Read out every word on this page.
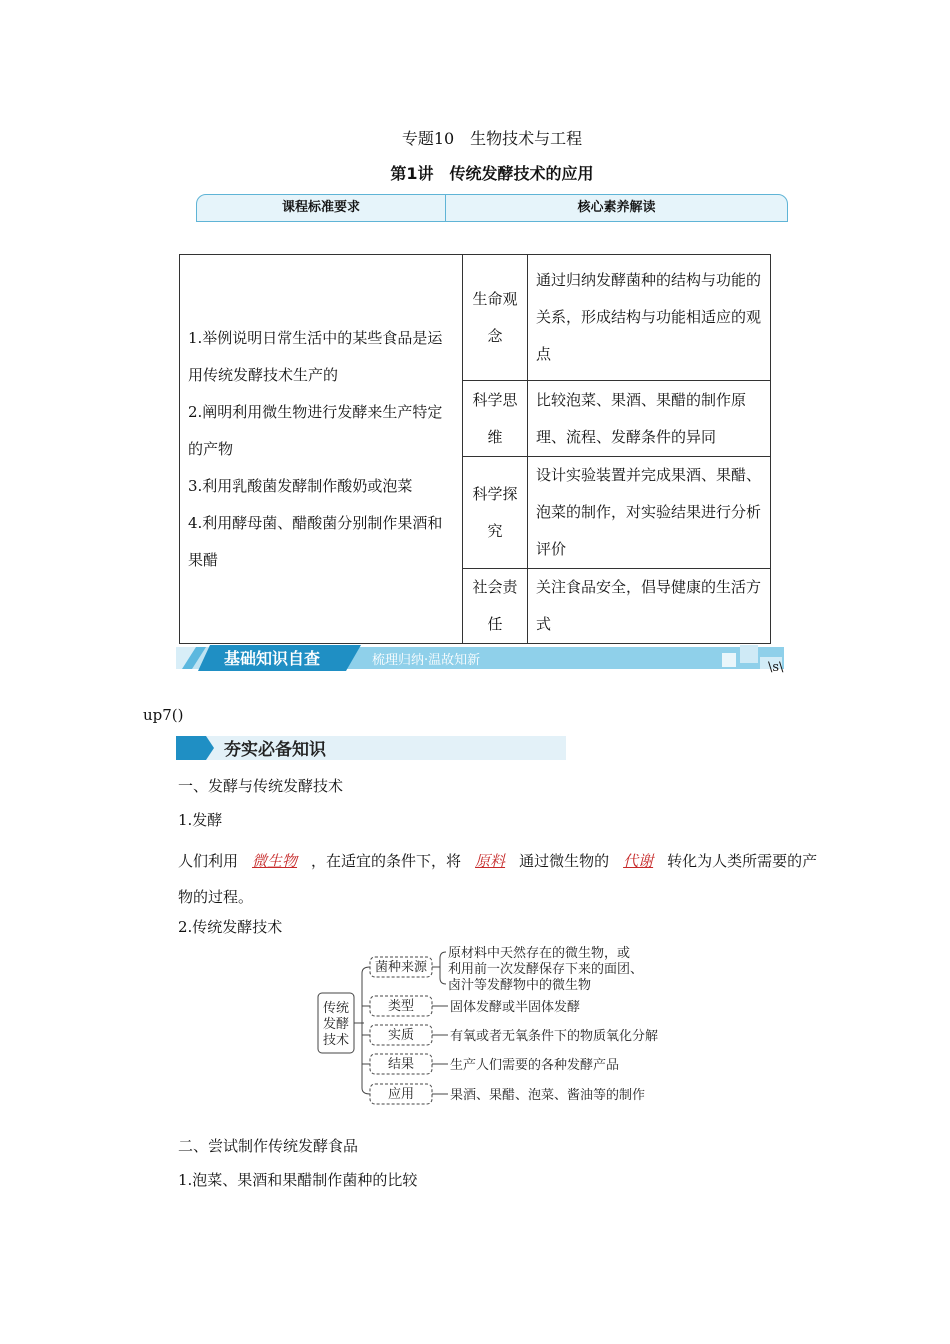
专题10　生物技术与工程
第1讲　传统发酵技术的应用
课程标准要求	核心素养解读
1.举例说明日常生活中的某些食品是运用传统发酵技术生产的
2.阐明利用微生物进行发酵来生产特定的产物
3.利用乳酸菌发酵制作酸奶或泡菜
4.利用酵母菌、醋酸菌分别制作果酒和果醋	生命观念	通过归纳发酵菌种的结构与功能的关系，形成结构与功能相适应的观点
	科学思维	比较泡菜、果酒、果醋的制作原理、流程、发酵条件的异同
	科学探究	设计实验装置并完成果酒、果醋、泡菜的制作，对实验结果进行分析评价
	社会责任	关注食品安全，倡导健康的生活方式
基础知识自查	梳理归纳·温故知新	\s\
up7()
夯实必备知识
一、发酵与传统发酵技术
1.发酵
人们利用 微生物 ，在适宜的条件下，将 原料 通过微生物的 代谢 转化为人类所需要的产物的过程。
2.传统发酵技术
传统
发酵
技术
菌种来源
原材料中天然存在的微生物，或
利用前一次发酵保存下来的面团、
卤汁等发酵物中的微生物
类型	固体发酵或半固体发酵
实质	有氧或者无氧条件下的物质氧化分解
结果	生产人们需要的各种发酵产品
应用	果酒、果醋、泡菜、酱油等的制作
二、尝试制作传统发酵食品
1.泡菜、果酒和果醋制作菌种的比较
